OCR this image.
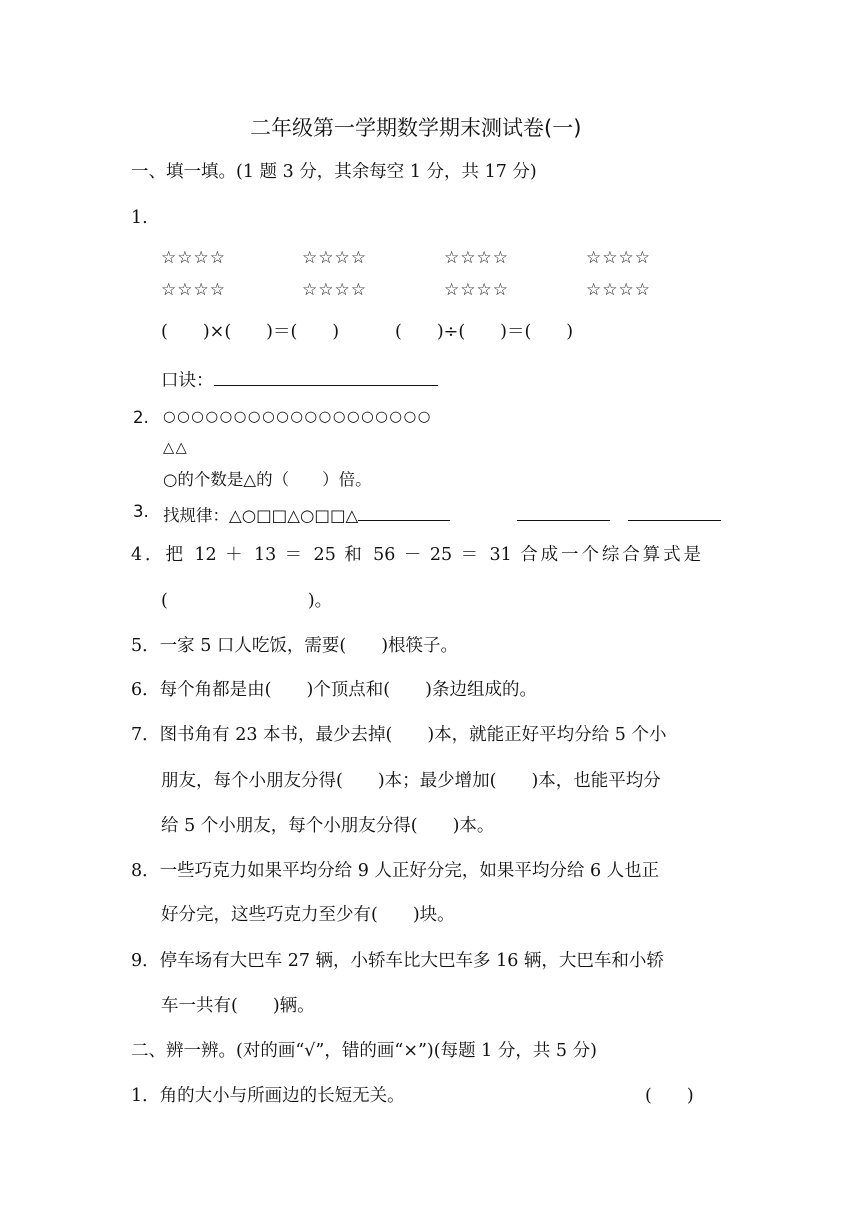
二年级第一学期数学期末测试卷(一)
一、填一填。(1 题 3 分，其余每空 1 分，共 17 分)
1.
☆☆☆☆	☆☆☆☆	☆☆☆☆	☆☆☆☆
☆☆☆☆	☆☆☆☆	☆☆☆☆	☆☆☆☆
(　　)×(　　)＝(　　)	(　　)÷(　　)＝(　　)
口诀：
2. ○○○○○○○○○○○○○○○○○○○
△△
○的个数是△的（　　）倍。
3. 找规律：△○□□△○□□△
4．把 12 ＋ 13 ＝ 25 和 56 － 25 ＝ 31 合成一个综合算式是
(　　　　　　　　)。
5．一家 5 口人吃饭，需要(　　)根筷子。
6．每个角都是由(　　)个顶点和(　　)条边组成的。
7．图书角有 23 本书，最少去掉(　　)本，就能正好平均分给 5 个小
朋友，每个小朋友分得(　　)本；最少增加(　　)本，也能平均分
给 5 个小朋友，每个小朋友分得(　　)本。
8．一些巧克力如果平均分给 9 人正好分完，如果平均分给 6 人也正
好分完，这些巧克力至少有(　　)块。
9．停车场有大巴车 27 辆，小轿车比大巴车多 16 辆，大巴车和小轿
车一共有(　　)辆。
二、辨一辨。(对的画“√”，错的画“×”)(每题 1 分，共 5 分)
1．角的大小与所画边的长短无关。	(　　)
